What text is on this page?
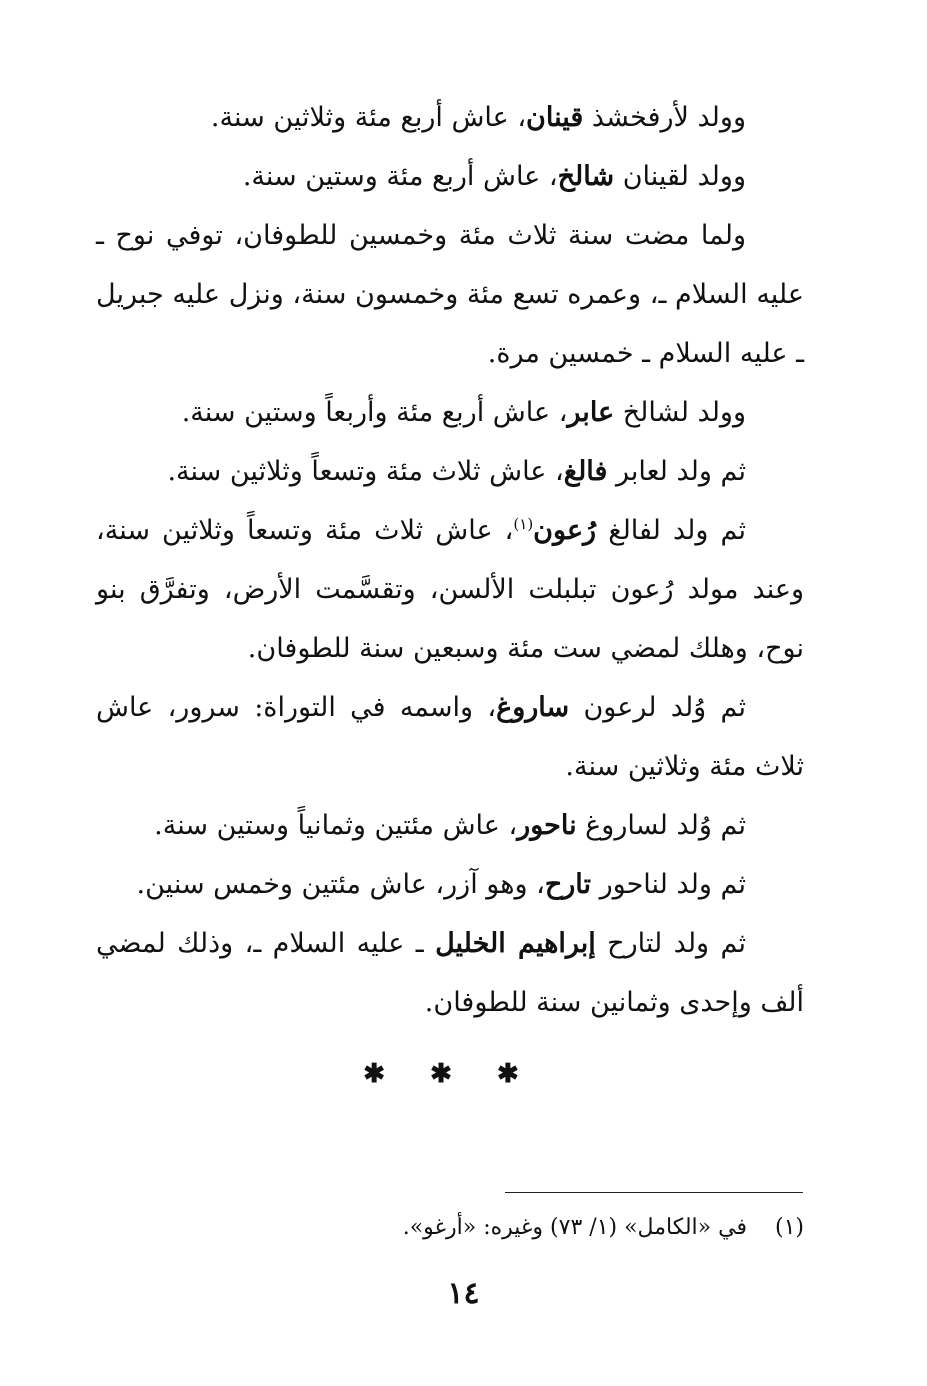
وولد لأرفخشذ قينان، عاش أربع مئة وثلاثين سنة.

وولد لقينان شالخ، عاش أربع مئة وستين سنة.

ولما مضت سنة ثلاث مئة وخمسين للطوفان، توفي نوح ـ عليه السلام ـ، وعمره تسع مئة وخمسون سنة، ونزل عليه جبريل ـ عليه السلام ـ خمسين مرة.

وولد لشالخ عابر، عاش أربع مئة وأربعاً وستين سنة.

ثم ولد لعابر فالغ، عاش ثلاث مئة وتسعاً وثلاثين سنة.

ثم ولد لفالغ رُعون$^{(١)}$، عاش ثلاث مئة وتسعاً وثلاثين سنة، وعند مولد رُعون تبلبلت الألسن، وتقسَّمت الأرض، وتفرَّق بنو نوح، وهلك لمضي ست مئة وسبعين سنة للطوفان.

ثم وُلد لرعون ساروغ، واسمه في التوراة: سرور، عاش ثلاث مئة وثلاثين سنة.

ثم وُلد لساروغ ناحور، عاش مئتين وثمانياً وستين سنة.

ثم ولد لناحور تارح، وهو آزر، عاش مئتين وخمس سنين.

ثم ولد لتارح إبراهيم الخليل ـ عليه السلام ـ، وذلك لمضي ألف وإحدى وثمانين سنة للطوفان.

✱ ✱ ✱
(١)في «الكامل» (١/ ٧٣) وغيره: «أرغو».
١٤
